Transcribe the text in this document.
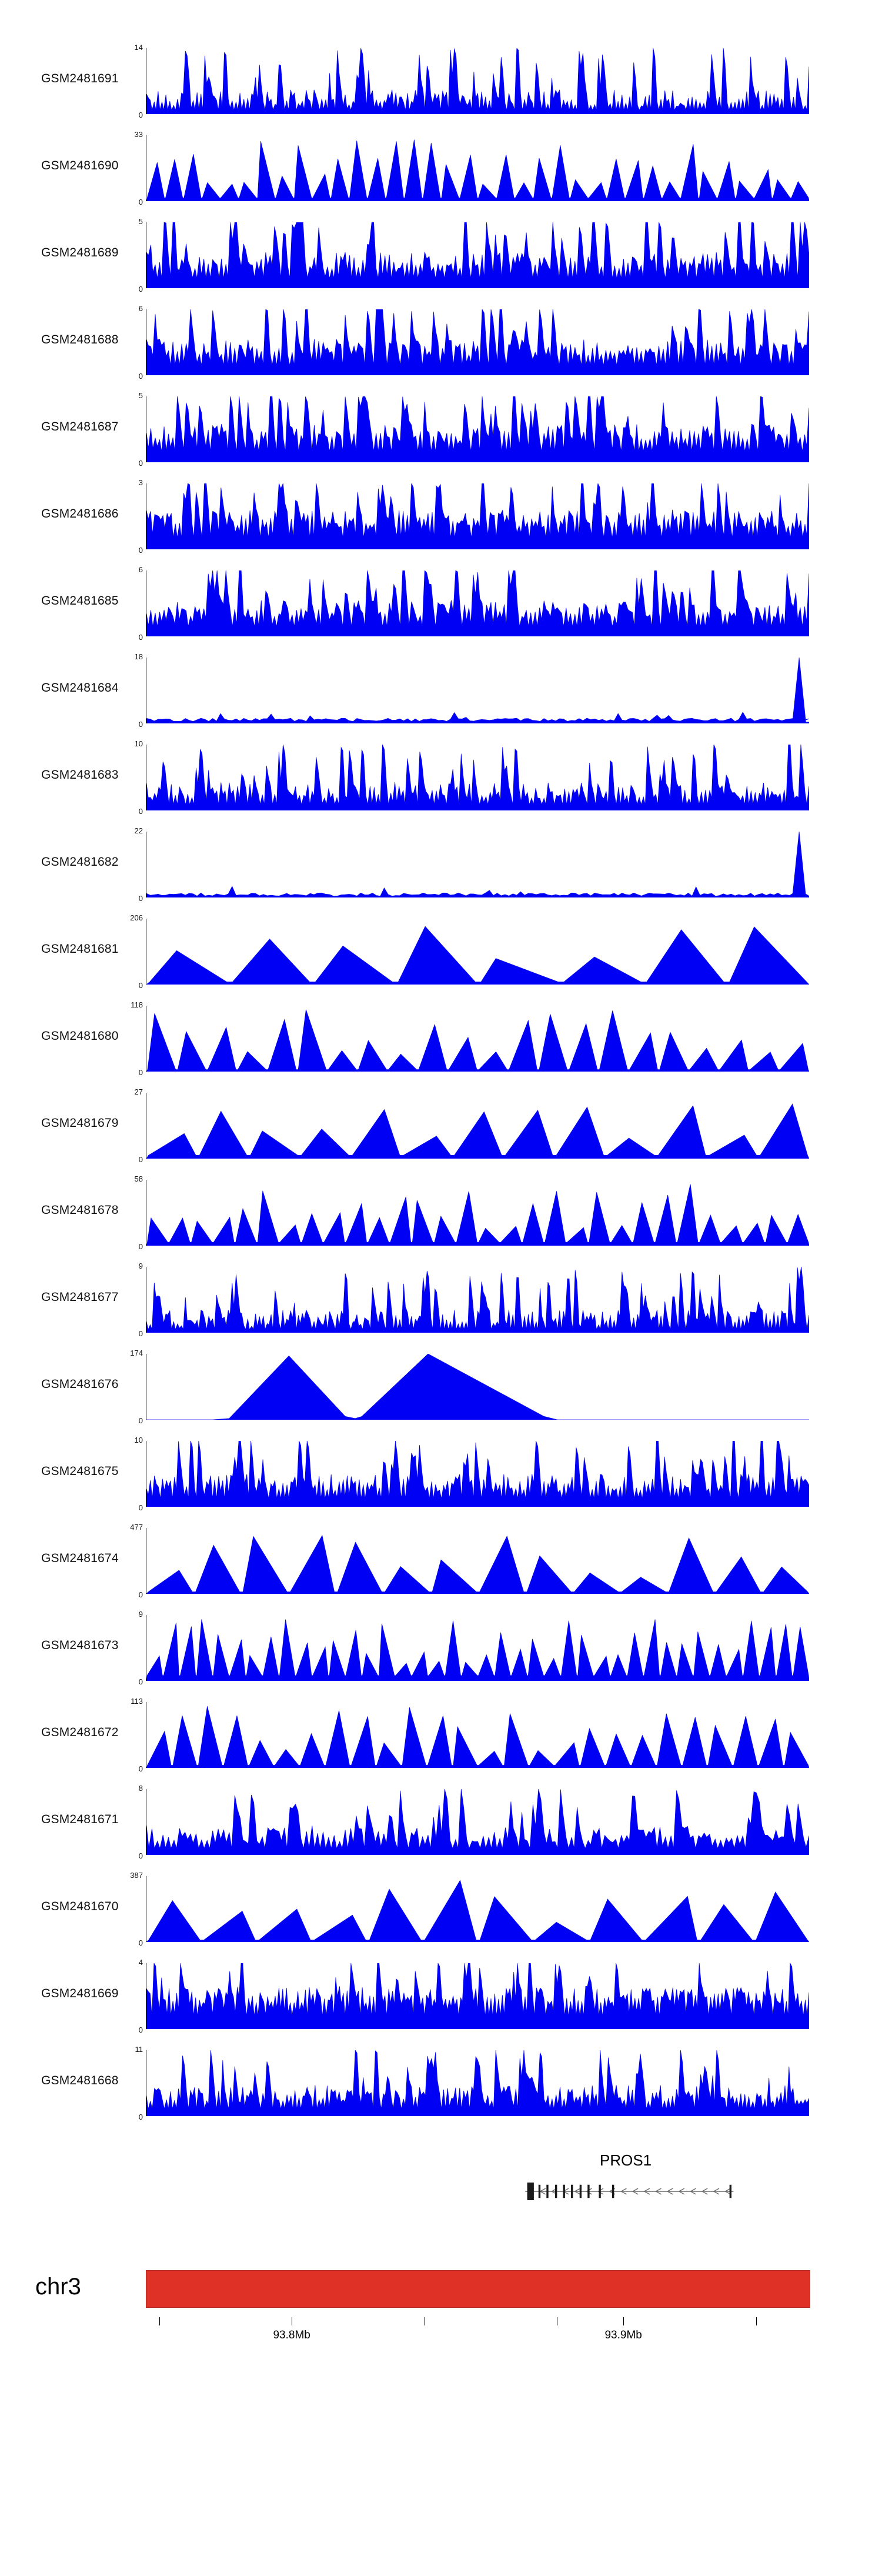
GSM2481691
14
0
GSM2481690
33
0
GSM2481689
5
0
GSM2481688
6
0
GSM2481687
5
0
GSM2481686
3
0
GSM2481685
6
0
GSM2481684
18
0
GSM2481683
10
0
GSM2481682
22
0
GSM2481681
206
0
GSM2481680
118
0
GSM2481679
27
0
GSM2481678
58
0
GSM2481677
9
0
GSM2481676
174
0
GSM2481675
10
0
GSM2481674
477
0
GSM2481673
9
0
GSM2481672
113
0
GSM2481671
8
0
GSM2481670
387
0
GSM2481669
4
0
GSM2481668
11
0
PROS1
chr3
93.8Mb	93.9Mb
